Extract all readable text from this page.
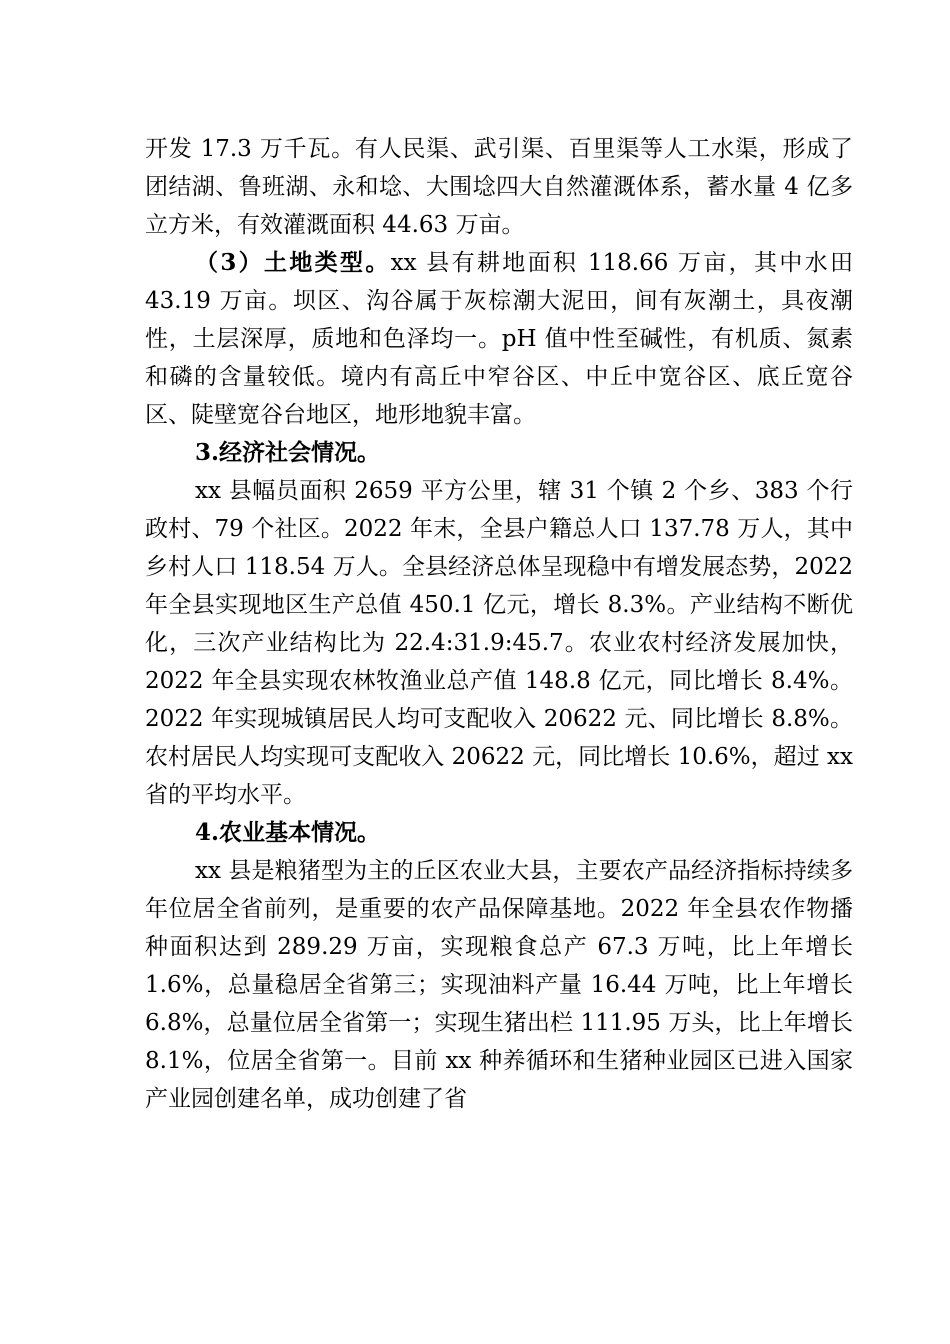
开发 17.3 万千瓦。有人民渠、武引渠、百里渠等人工水渠，形成了团结湖、鲁班湖、永和埝、大围埝四大自然灌溉体系，蓄水量 4 亿多立方米，有效灌溉面积 44.63 万亩。

（3）土地类型。xx 县有耕地面积 118.66 万亩，其中水田 43.19 万亩。坝区、沟谷属于灰棕潮大泥田，间有灰潮土，具夜潮性，土层深厚，质地和色泽均一。pH 值中性至碱性，有机质、氮素和磷的含量较低。境内有高丘中窄谷区、中丘中宽谷区、底丘宽谷区、陡壁宽谷台地区，地形地貌丰富。

3.经济社会情况。

xx 县幅员面积 2659 平方公里，辖 31 个镇 2 个乡、383 个行政村、79 个社区。2022 年末，全县户籍总人口 137.78 万人，其中乡村人口 118.54 万人。全县经济总体呈现稳中有增发展态势，2022 年全县实现地区生产总值 450.1 亿元，增长 8.3%。产业结构不断优化，三次产业结构比为 22.4:31.9:45.7。农业农村经济发展加快，2022 年全县实现农林牧渔业总产值 148.8 亿元，同比增长 8.4%。2022 年实现城镇居民人均可支配收入 20622 元、同比增长 8.8%。农村居民人均实现可支配收入 20622 元，同比增长 10.6%，超过 xx 省的平均水平。

4.农业基本情况。

xx 县是粮猪型为主的丘区农业大县，主要农产品经济指标持续多年位居全省前列，是重要的农产品保障基地。2022 年全县农作物播种面积达到 289.29 万亩，实现粮食总产 67.3 万吨，比上年增长 1.6%，总量稳居全省第三；实现油料产量 16.44 万吨，比上年增长 6.8%，总量位居全省第一；实现生猪出栏 111.95 万头，比上年增长 8.1%，位居全省第一。目前 xx 种养循环和生猪种业园区已进入国家产业园创建名单，成功创建了省
